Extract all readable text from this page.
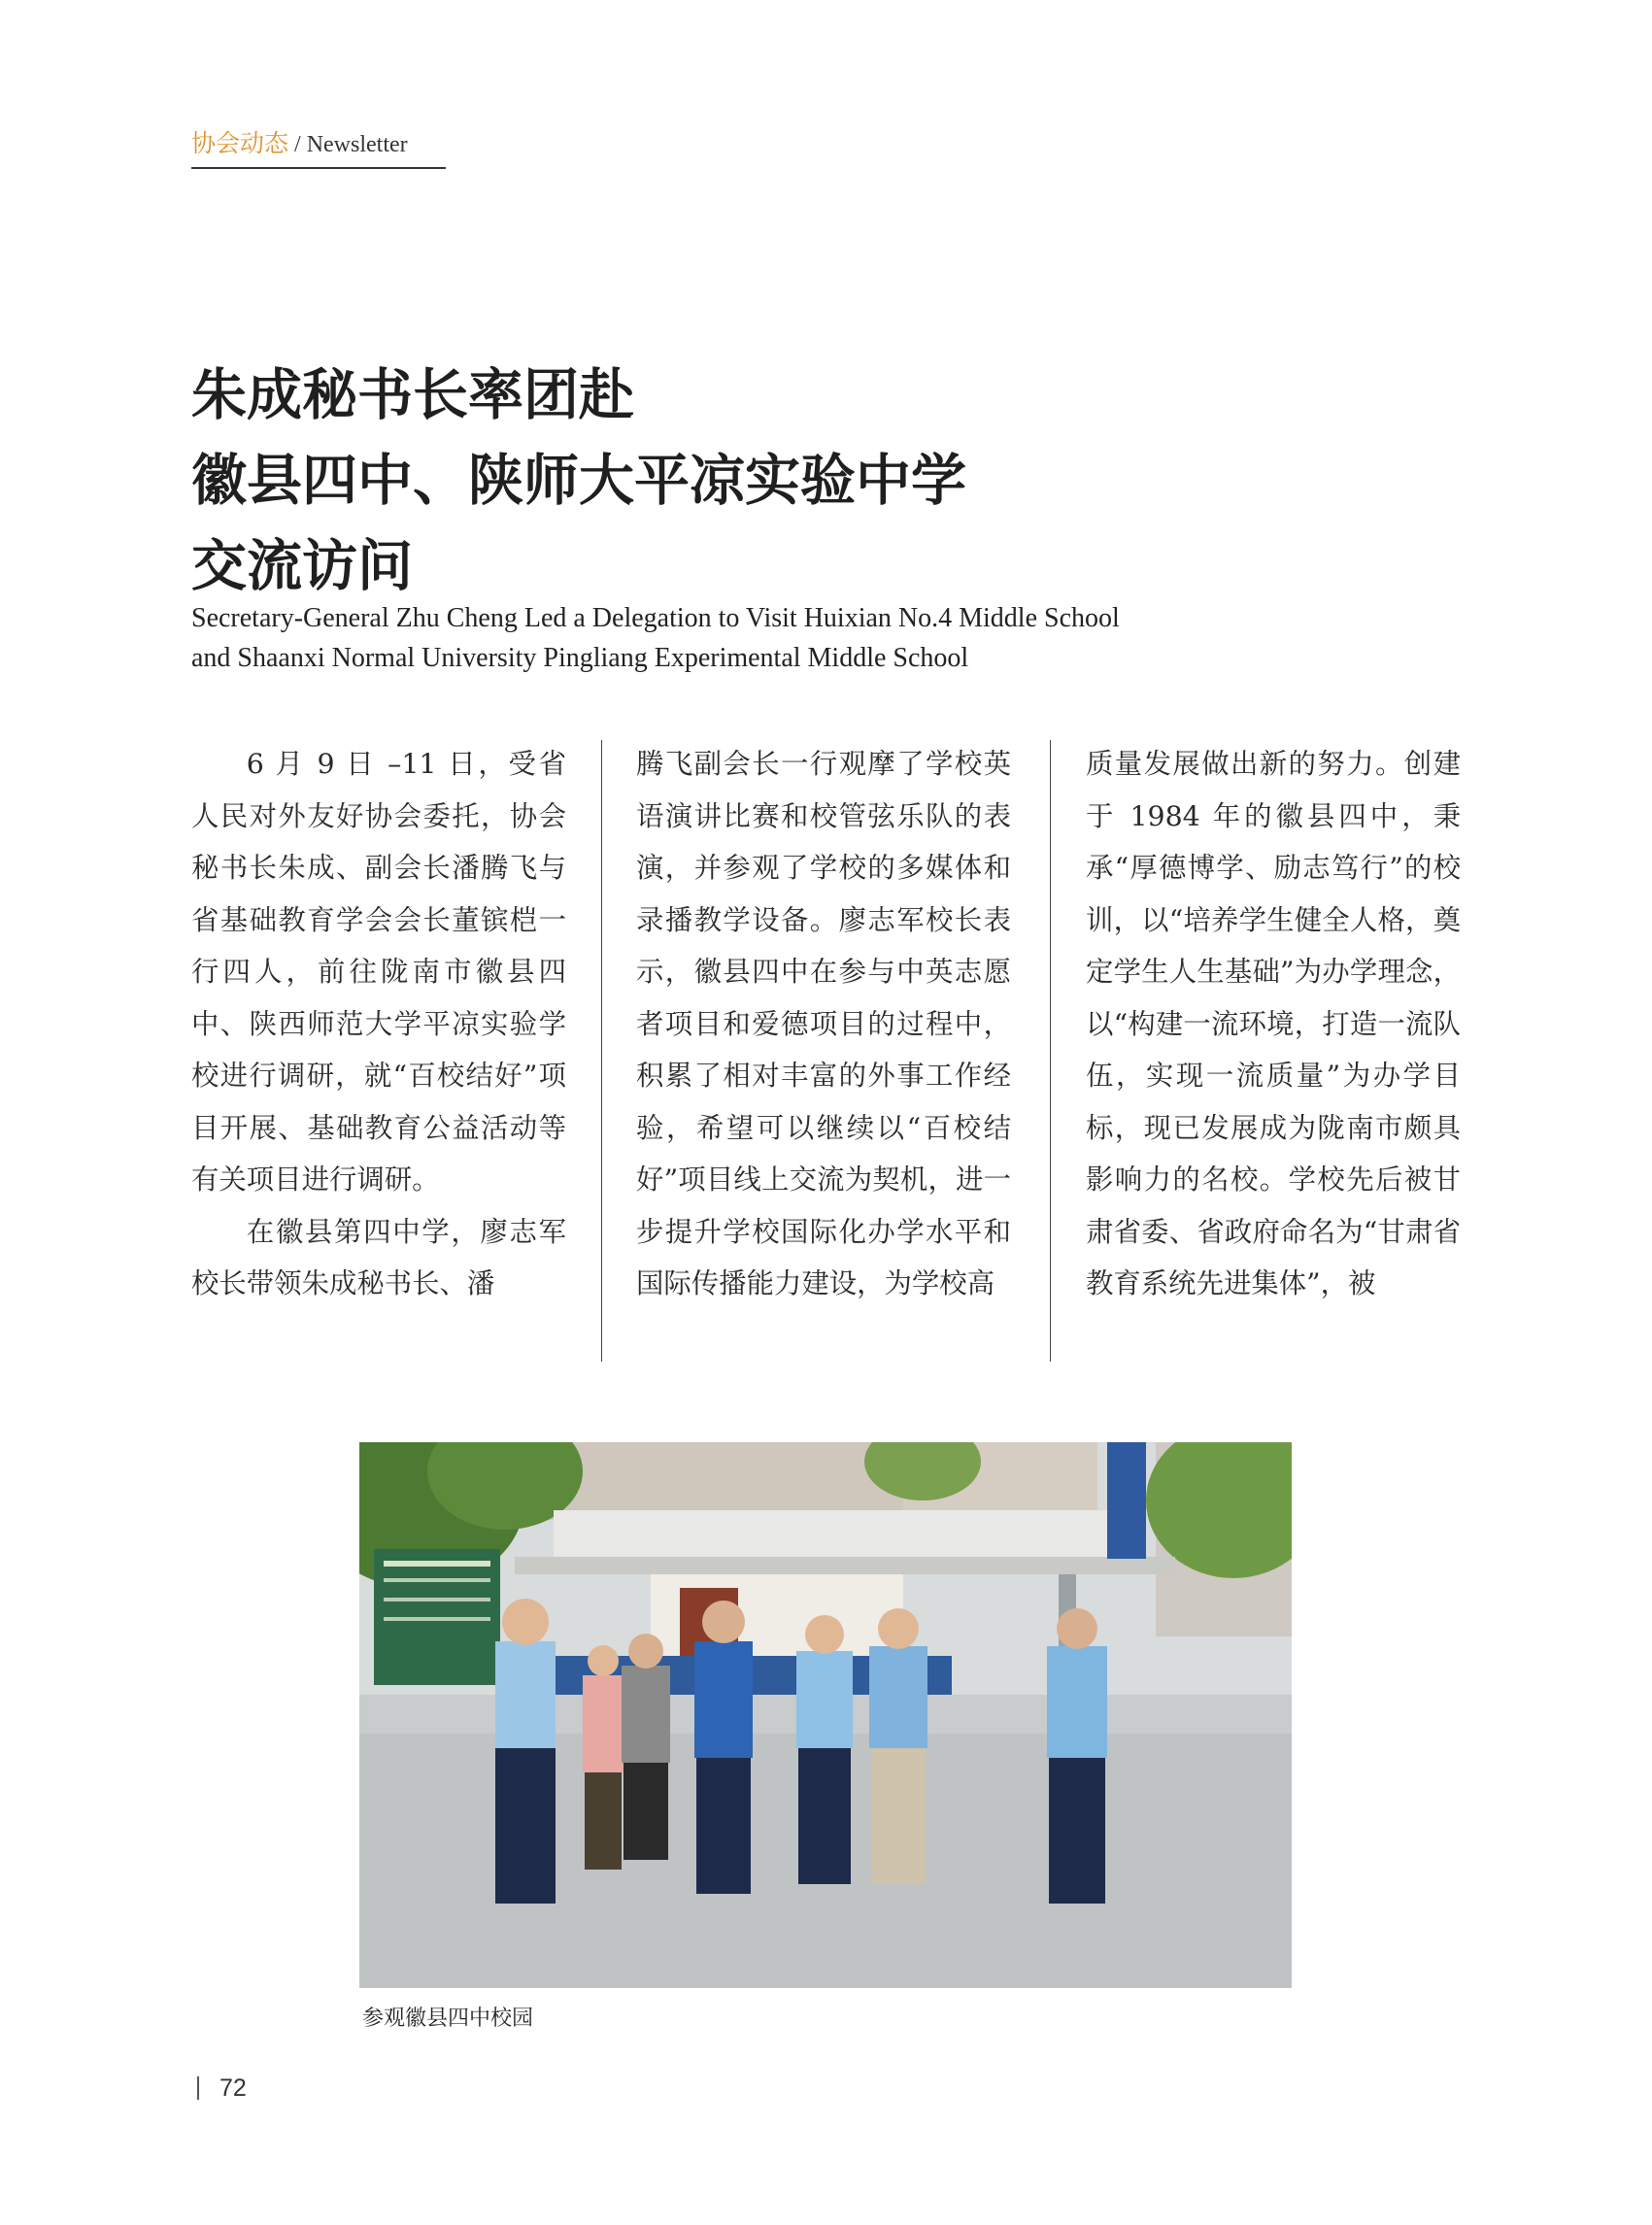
协会动态 / Newsletter
朱成秘书长率团赴
徽县四中、陕师大平凉实验中学
交流访问
Secretary-General Zhu Cheng Led a Delegation to Visit Huixian No.4 Middle School
and Shaanxi Normal University Pingliang Experimental Middle School

6 月 9 日 –11 日，受省人民对外友好协会委托，协会秘书长朱成、副会长潘腾飞与省基础教育学会会长董镔桤一行四人，前往陇南市徽县四中、陕西师范大学平凉实验学校进行调研，就“百校结好”项目开展、基础教育公益活动等有关项目进行调研。

在徽县第四中学，廖志军校长带领朱成秘书长、潘

腾飞副会长一行观摩了学校英语演讲比赛和校管弦乐队的表演，并参观了学校的多媒体和录播教学设备。廖志军校长表示，徽县四中在参与中英志愿者项目和爱德项目的过程中，积累了相对丰富的外事工作经验，希望可以继续以“百校结好”项目线上交流为契机，进一步提升学校国际化办学水平和国际传播能力建设，为学校高

质量发展做出新的努力。创建于 1984 年的徽县四中，秉承“厚德博学、励志笃行”的校训，以“培养学生健全人格，奠定学生人生基础”为办学理念，以“构建一流环境，打造一流队伍，实现一流质量”为办学目标，现已发展成为陇南市颇具影响力的名校。学校先后被甘肃省委、省政府命名为“甘肃省教育系统先进集体”，被

参观徽县四中校园
72
